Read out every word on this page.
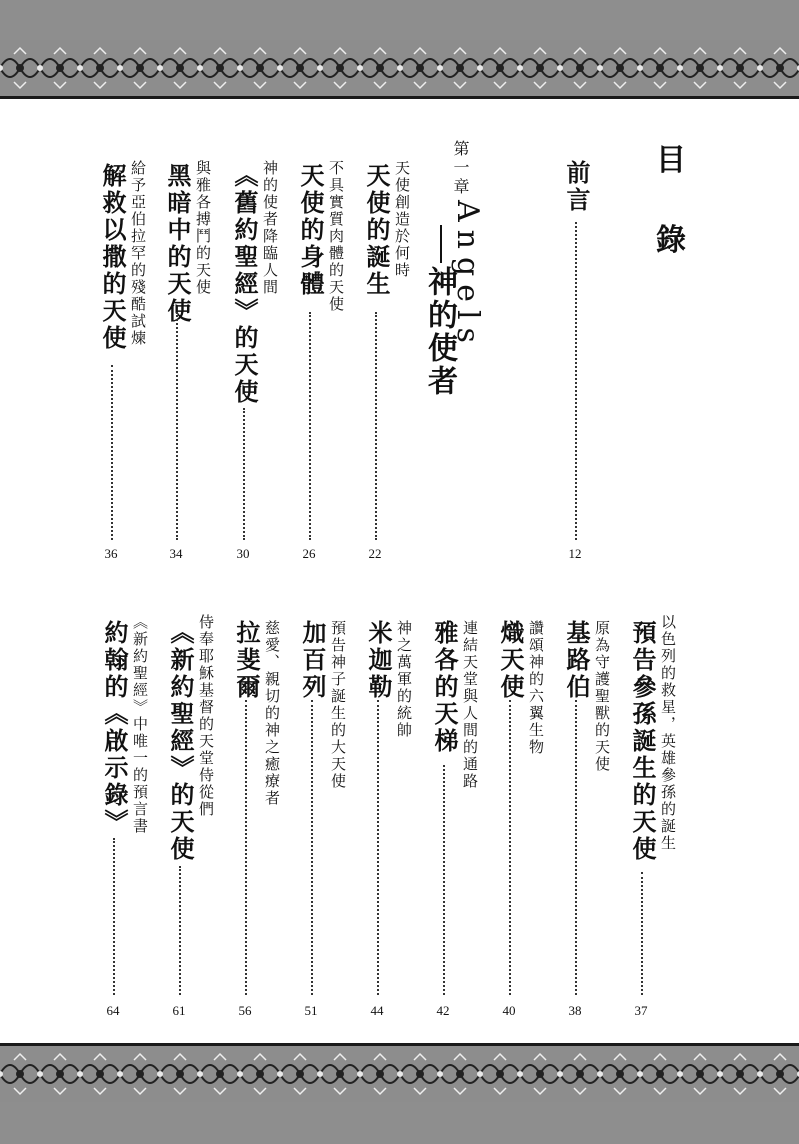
目
錄
前言
12
天使創造於何時
天使的誕生
22
不具實質肉體的天使
天使的身體
26
神的使者降臨人間
《舊約聖經》的天使
30
與雅各搏鬥的天使
黑暗中的天使
34
給予亞伯拉罕的殘酷試煉
解救以撒的天使
36
第一章
Angels
神的使者
以色列的救星，英雄參孫的誕生
預告參孫誕生的天使
37
原為守護聖獸的天使
基路伯
38
讚頌神的六翼生物
熾天使
40
連結天堂與人間的通路
雅各的天梯
42
神之萬軍的統帥
米迦勒
44
預告神子誕生的大天使
加百列
51
慈愛、親切的神之癒療者
拉斐爾
56
侍奉耶穌基督的天堂侍從們
《新約聖經》的天使
61
《新約聖經》中唯一的預言書
約翰的《啟示錄》
64
